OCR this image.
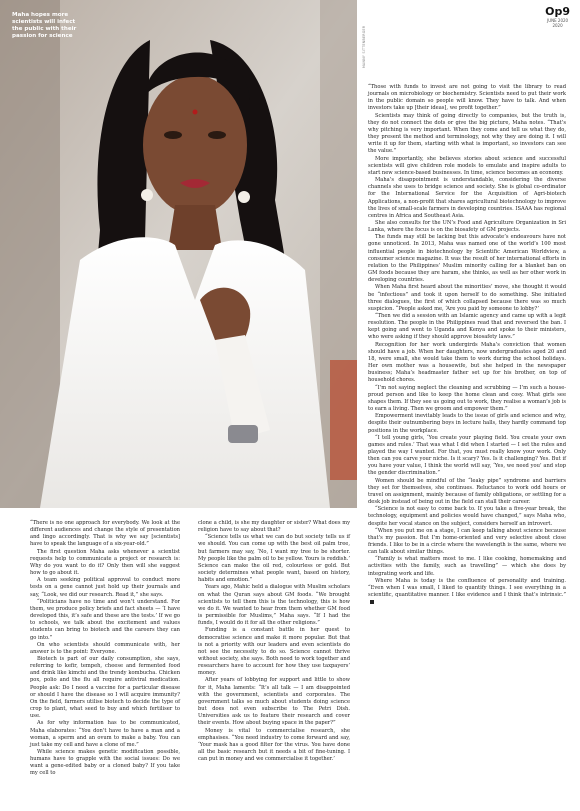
Maha hopes more scientists will infect the public with their passion for science	MANNY SITTENBERGER
Op9
JUNE 2020
2020

“There is no one approach for everybody. We look at the different audiences and change the style of presentation and lingo accordingly. That is why we say [scientists] have to speak the language of a six-year-old.”

The first question Maha asks whenever a scientist requests help to communicate a project or research is: Why do you want to do it? Only then will she suggest how to go about it.

A team seeking political approval to conduct more tests on a gene cannot just hold up their journals and say, “Look, we did our research. Read it,” she says.

“Politicians have no time and won’t understand. For them, we produce policy briefs and fact sheets — ‘I have developed this, it’s safe and these are the tests.’ If we go to schools, we talk about the excitement and values students can bring to biotech and the careers they can go into.”

On who scientists should communicate with, her answer is to the point: Everyone.

Biotech is part of our daily consumption, she says, referring to kefir, tempeh, cheese and fermented food and drink like kimchi and the trendy kombucha. Chicken pox, polio and the flu all require antiviral medication. People ask: Do I need a vaccine for a particular disease or should I have the disease so I will acquire immunity? On the field, farmers utilise biotech to decide the type of crop to plant, what seed to buy and which fertiliser to use.

As for why information has to be communicated, Maha elaborates: “You don’t have to have a man and a woman, a sperm and an ovum to make a baby. You can just take my cell and have a clone of me.”

While science makes genetic modification possible, humans have to grapple with the social issues: Do we want a gene-edited baby or a cloned baby? If you take my cell to

clone a child, is she my daughter or sister? What does my religion have to say about that?

“Science tells us what we can do but society tells us if we should. You can come up with the best oil palm tree, but farmers may say, ‘No, I want my tree to be shorter. My people like the palm oil to be yellow. Yours is reddish.’ Science can make the oil red, colourless or gold. But society determines what people want, based on history, habits and emotion.”

Years ago, Mahic held a dialogue with Muslim scholars on what the Quran says about GM foods. “We brought scientists to tell them this is the technology, this is how we do it. We wanted to hear from them whether GM food is permissible for Muslims,” Maha says. “If I had the funds, I would do it for all the other religions.”

Funding is a constant battle in her quest to democratise science and make it more popular. But that is not a priority with our leaders and even scientists do not see the necessity to do so. Science cannot thrive without society, she says. Both need to work together and researchers have to account for how they use taxpayers’ money.

After years of lobbying for support and little to show for it, Maha laments: “It’s all talk — I am disappointed with the government, scientists and corporates. The government talks so much about students doing science but does not even subscribe to The Petri Dish. Universities ask us to feature their research and cover their events. How about buying space in the paper?”

Money is vital to commercialise research, she emphasises. “You need industry to come forward and say, ‘Your mask has a good filter for the virus. You have done all the basic research but it needs a bit of fine-tuning. I can put in money and we commercialise it together.’

“Those with funds to invest are not going to visit the library to read journals on microbiology or biochemistry. Scientists need to put their work in the public domain so people will know. They have to talk. And when investors take up [their ideas], we profit together.”

Scientists may think of going directly to companies, but the truth is, they do not connect the dots or give the big picture, Maha notes. “That’s why pitching is very important. When they come and tell us what they do, they present the method and terminology, not why they are doing it. I will write it up for them, starting with what is important, so investors can see the value.”

More importantly, she believes stories about science and successful scientists will give children role models to emulate and inspire adults to start new science-based businesses. In time, science becomes an economy.

Maha’s disappointment is understandable, considering the diverse channels she uses to bridge science and society. She is global co-ordinator for the International Service for the Acquisition of Agri-biotech Applications, a non-profit that shares agricultural biotechnology to improve the lives of small-scale farmers in developing countries. ISAAA has regional centres in Africa and Southeast Asia.

She also consults for the UN’s Food and Agriculture Organization in Sri Lanka, where the focus is on the biosafety of GM projects.

The funds may still be lacking but this advocate’s endeavours have not gone unnoticed. In 2013, Maha was named one of the world’s 100 most influential people in biotechnology by Scientific American Worldview, a consumer science magazine. It was the result of her international efforts in relation to the Philippines’ Muslim minority calling for a blanket ban on GM foods because they are haram, she thinks, as well as her other work in developing countries.

When Maha first heard about the minorities’ move, she thought it would be “infectious” and took it upon herself to do something. She initiated three dialogues, the first of which collapsed because there was so much suspicion. “People asked me, ‘Are you paid by someone to lobby?’

“Then we did a session with an Islamic agency and came up with a legit resolution. The people in the Philippines read that and reversed the ban. I kept going and went to Uganda and Kenya and spoke to their ministers, who were asking if they should approve biosafety laws.”

Recognition for her work undergirds Maha’s conviction that women should have a job. When her daughters, now undergraduates aged 20 and 18, were small, she would take them to work during the school holidays. Her own mother was a housewife, but she helped in the newspaper business; Maha’s headmaster father set up for his brother, on top of household chores.

“I’m not saying neglect the cleaning and scrubbing — I’m such a house-proud person and like to keep the home clean and cosy. What girls see shapes them. If they see us going out to work, they realise a woman’s job is to earn a living. Then we groom and empower them.”

Empowerment inevitably leads to the issue of girls and science and why, despite their outnumbering boys in lecture halls, they hardly command top positions in the workplace.

“I tell young girls, ‘You create your playing field. You create your own games and rules.’ That was what I did when I started — I set the rules and played the way I wanted. For that, you must really know your work. Only then can you carve your niche. Is it scary? Yes. Is it challenging? Yes. But if you have your value, I think the world will say, ‘Yes, we need you’ and stop the gender discrimination.”

Women should be mindful of the “leaky pipe” syndrome and barriers they set for themselves, she continues. Reluctance to work odd hours or travel on assignment, mainly because of family obligations, or settling for a desk job instead of being out in the field can stall their career.

“Science is not easy to come back to. If you take a five-year break, the technology, equipment and policies would have changed,” says Maha who, despite her vocal stance on the subject, considers herself an introvert.

“When you put me on a stage, I can keep talking about science because that’s my passion. But I’m home-oriented and very selective about close friends. I like to be in a circle where the wavelength is the same, where we can talk about similar things.

“Family is what matters most to me. I like cooking, homemaking and activities with the family, such as travelling” — which she does by integrating work and life.

Where Maha is today is the confluence of personality and training. “Even when I was small, I liked to quantify things. I see everything in a scientific, quantitative manner. I like evidence and I think that’s intrinsic.”
